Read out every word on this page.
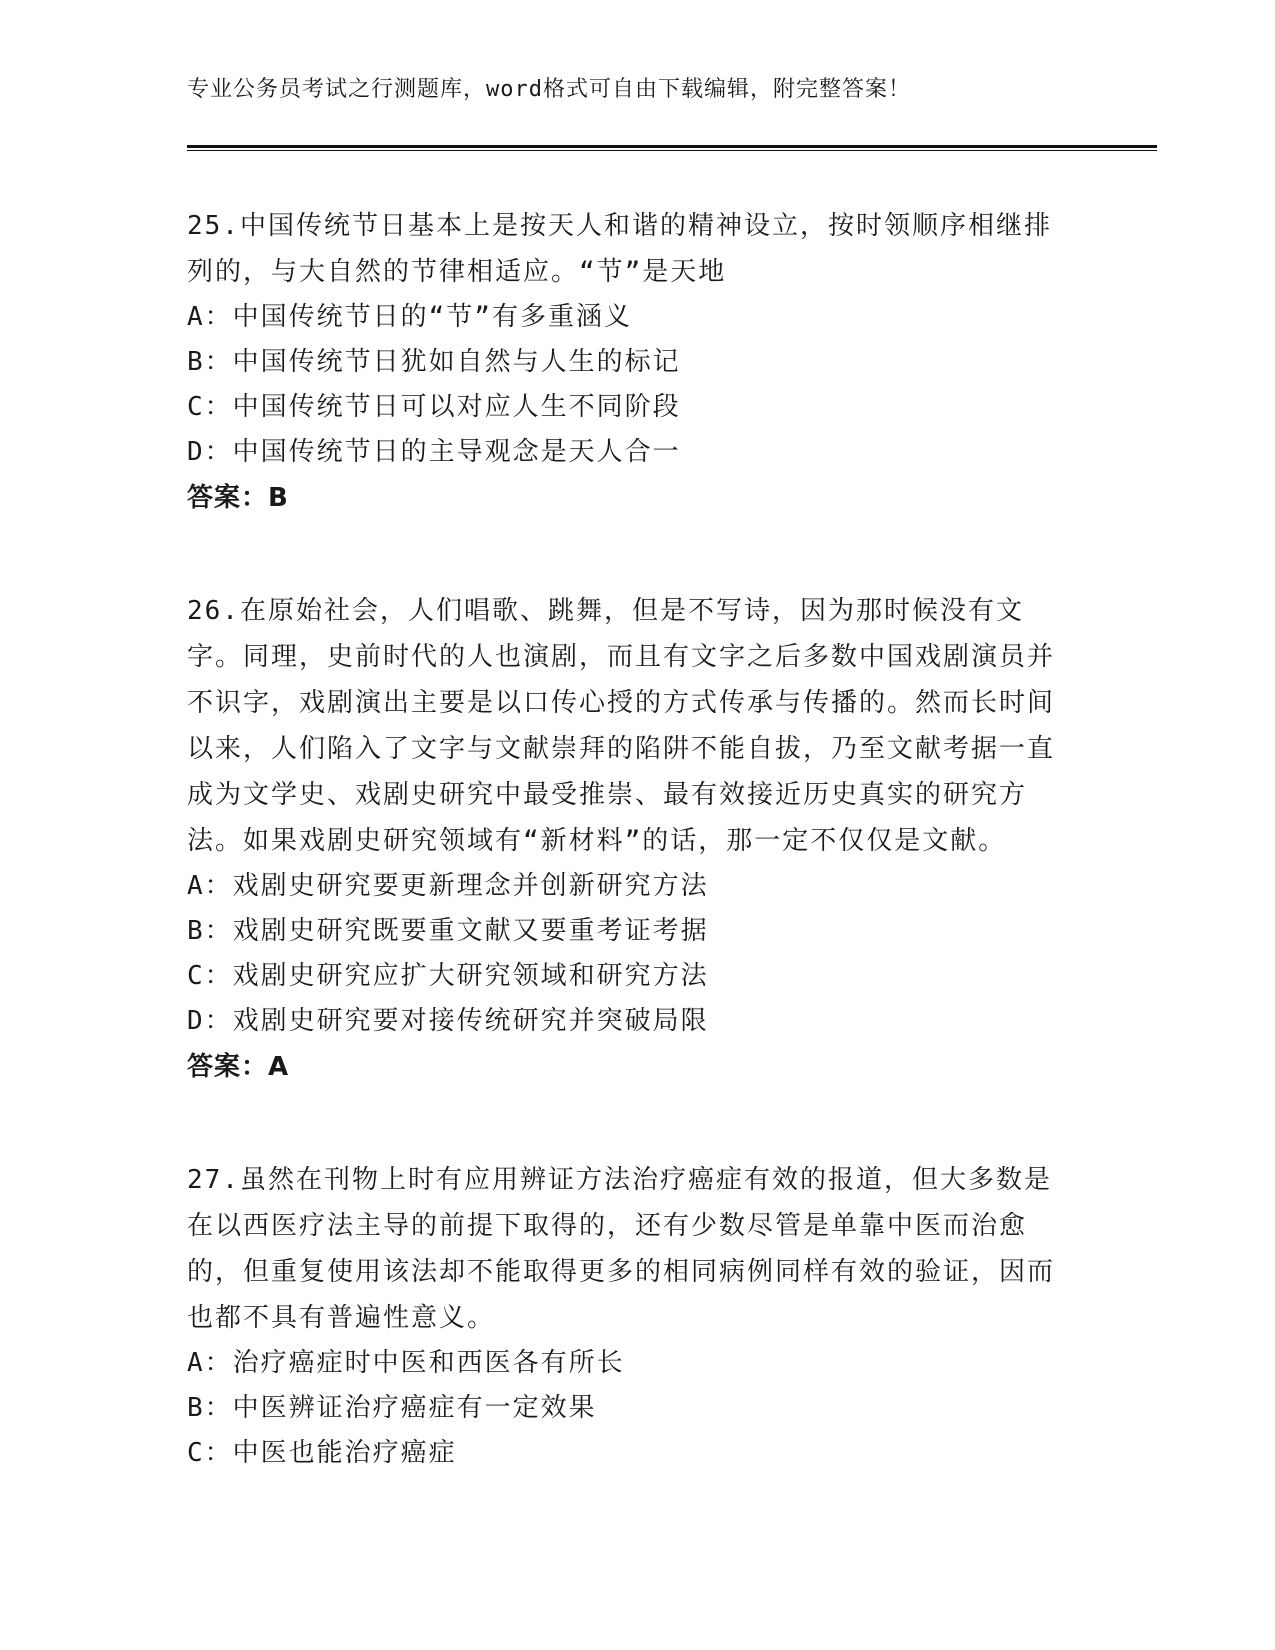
专业公务员考试之行测题库，word格式可自由下载编辑，附完整答案！

25.中国传统节日基本上是按天人和谐的精神设立，按时领顺序相继排列的，与大自然的节律相适应。“节”是天地

A：中国传统节日的“节”有多重涵义

B：中国传统节日犹如自然与人生的标记

C：中国传统节日可以对应人生不同阶段

D：中国传统节日的主导观念是天人合一

答案：B

26.在原始社会，人们唱歌、跳舞，但是不写诗，因为那时候没有文字。同理，史前时代的人也演剧，而且有文字之后多数中国戏剧演员并不识字，戏剧演出主要是以口传心授的方式传承与传播的。然而长时间以来，人们陷入了文字与文献崇拜的陷阱不能自拔，乃至文献考据一直成为文学史、戏剧史研究中最受推崇、最有效接近历史真实的研究方法。如果戏剧史研究领域有“新材料”的话，那一定不仅仅是文献。

A：戏剧史研究要更新理念并创新研究方法

B：戏剧史研究既要重文献又要重考证考据

C：戏剧史研究应扩大研究领域和研究方法

D：戏剧史研究要对接传统研究并突破局限

答案：A

27.虽然在刊物上时有应用辨证方法治疗癌症有效的报道，但大多数是在以西医疗法主导的前提下取得的，还有少数尽管是单靠中医而治愈的，但重复使用该法却不能取得更多的相同病例同样有效的验证，因而也都不具有普遍性意义。

A：治疗癌症时中医和西医各有所长

B：中医辨证治疗癌症有一定效果

C：中医也能治疗癌症
